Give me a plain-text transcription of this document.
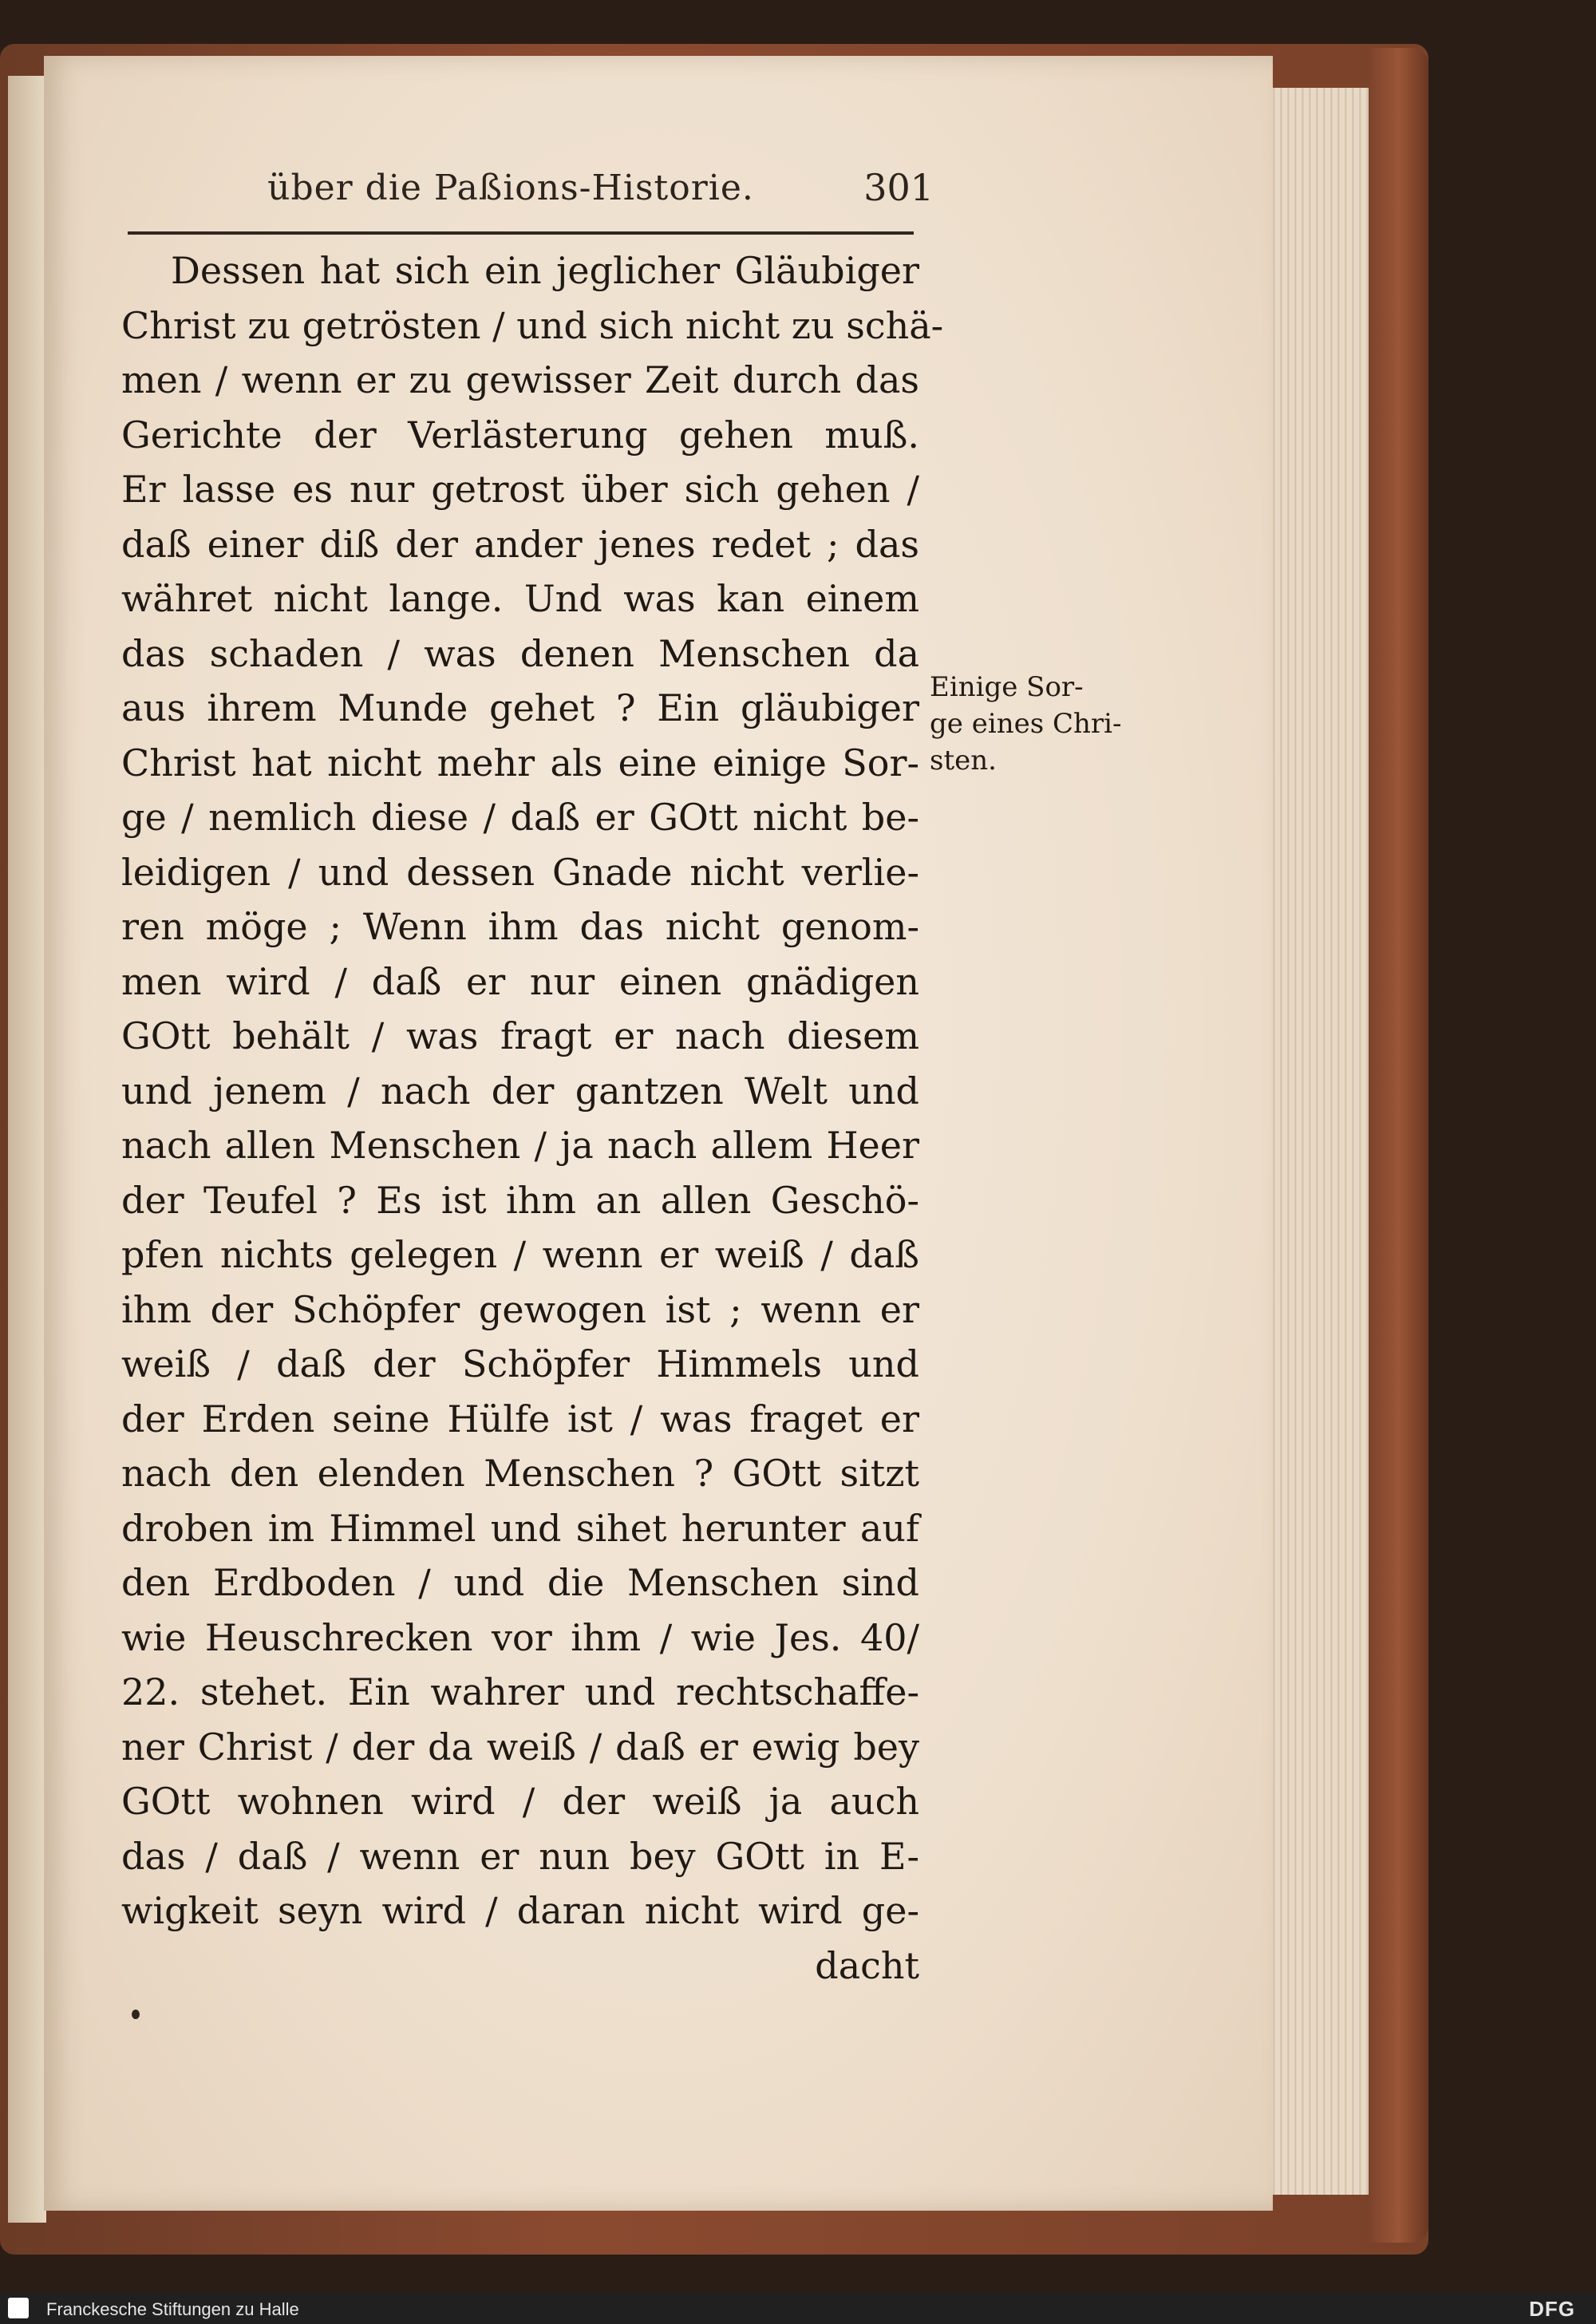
über die Paßions-Historie.	301
Dessen hat sich ein jeglicher Gläubiger
Christ zu getrösten / und sich nicht zu schä-
men / wenn er zu gewisser Zeit durch das
Gerichte der Verlästerung gehen muß.
Er lasse es nur getrost über sich gehen /
daß einer diß der ander jenes redet ; das
währet nicht lange. Und was kan einem
das schaden / was denen Menschen da
aus ihrem Munde gehet ? Ein gläubiger
Christ hat nicht mehr als eine einige Sor-
ge / nemlich diese / daß er GOtt nicht be-
leidigen / und dessen Gnade nicht verlie-
ren möge ; Wenn ihm das nicht genom-
men wird / daß er nur einen gnädigen
GOtt behält / was fragt er nach diesem
und jenem / nach der gantzen Welt und
nach allen Menschen / ja nach allem Heer
der Teufel ? Es ist ihm an allen Geschö-
pfen nichts gelegen / wenn er weiß / daß
ihm der Schöpfer gewogen ist ; wenn er
weiß / daß der Schöpfer Himmels und
der Erden seine Hülfe ist / was fraget er
nach den elenden Menschen ? GOtt sitzt
droben im Himmel und sihet herunter auf
den Erdboden / und die Menschen sind
wie Heuschrecken vor ihm / wie Jes. 40/
22. stehet. Ein wahrer und rechtschaffe-
ner Christ / der da weiß / daß er ewig bey
GOtt wohnen wird / der weiß ja auch
das / daß / wenn er nun bey GOtt in E-
wigkeit seyn wird / daran nicht wird ge-
dacht
Einige Sor-
ge eines Chri-
sten.
Franckesche Stiftungen zu Halle	DFG
